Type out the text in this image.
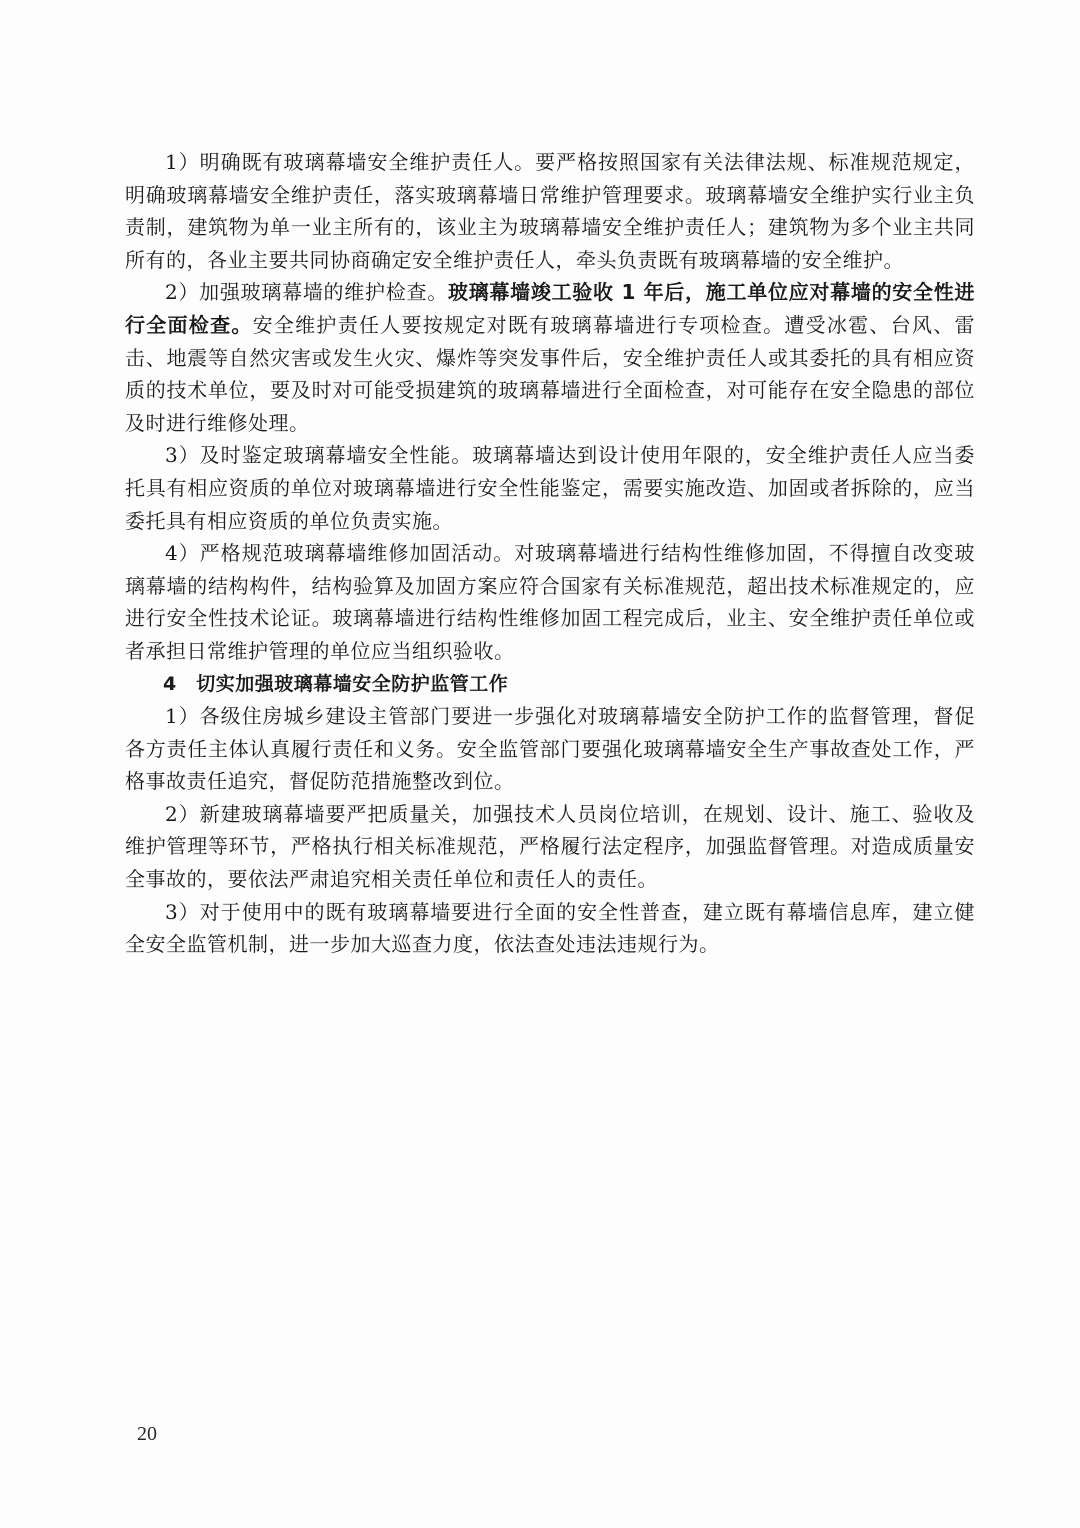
1）明确既有玻璃幕墙安全维护责任人。要严格按照国家有关法律法规、标准规范规定，明确玻璃幕墙安全维护责任，落实玻璃幕墙日常维护管理要求。玻璃幕墙安全维护实行业主负责制，建筑物为单一业主所有的，该业主为玻璃幕墙安全维护责任人；建筑物为多个业主共同所有的，各业主要共同协商确定安全维护责任人，牵头负责既有玻璃幕墙的安全维护。

2）加强玻璃幕墙的维护检查。玻璃幕墙竣工验收 1 年后，施工单位应对幕墙的安全性进行全面检查。安全维护责任人要按规定对既有玻璃幕墙进行专项检查。遭受冰雹、台风、雷击、地震等自然灾害或发生火灾、爆炸等突发事件后，安全维护责任人或其委托的具有相应资质的技术单位，要及时对可能受损建筑的玻璃幕墙进行全面检查，对可能存在安全隐患的部位及时进行维修处理。

3）及时鉴定玻璃幕墙安全性能。玻璃幕墙达到设计使用年限的，安全维护责任人应当委托具有相应资质的单位对玻璃幕墙进行安全性能鉴定，需要实施改造、加固或者拆除的，应当委托具有相应资质的单位负责实施。

4）严格规范玻璃幕墙维修加固活动。对玻璃幕墙进行结构性维修加固，不得擅自改变玻璃幕墙的结构构件，结构验算及加固方案应符合国家有关标准规范，超出技术标准规定的，应进行安全性技术论证。玻璃幕墙进行结构性维修加固工程完成后，业主、安全维护责任单位或者承担日常维护管理的单位应当组织验收。

4　切实加强玻璃幕墙安全防护监管工作

1）各级住房城乡建设主管部门要进一步强化对玻璃幕墙安全防护工作的监督管理，督促各方责任主体认真履行责任和义务。安全监管部门要强化玻璃幕墙安全生产事故查处工作，严格事故责任追究，督促防范措施整改到位。

2）新建玻璃幕墙要严把质量关，加强技术人员岗位培训，在规划、设计、施工、验收及维护管理等环节，严格执行相关标准规范，严格履行法定程序，加强监督管理。对造成质量安全事故的，要依法严肃追究相关责任单位和责任人的责任。

3）对于使用中的既有玻璃幕墙要进行全面的安全性普查，建立既有幕墙信息库，建立健全安全监管机制，进一步加大巡查力度，依法查处违法违规行为。

20
